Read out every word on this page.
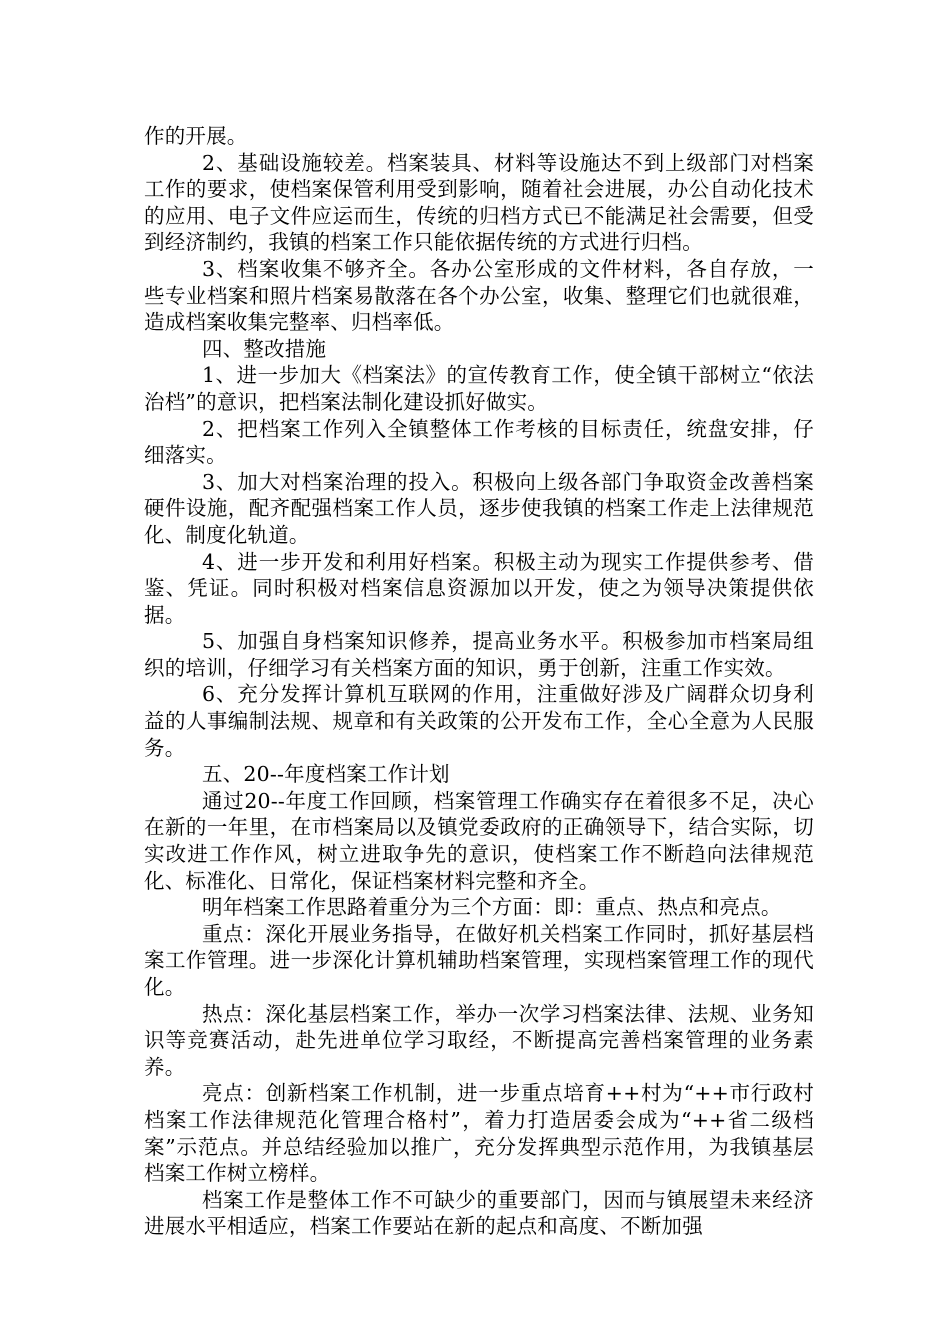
作的开展。

2、基础设施较差。档案装具、材料等设施达不到上级部门对档案工作的要求，使档案保管利用受到影响，随着社会进展，办公自动化技术的应用、电子文件应运而生，传统的归档方式已不能满足社会需要，但受到经济制约，我镇的档案工作只能依据传统的方式进行归档。

3、档案收集不够齐全。各办公室形成的文件材料，各自存放，一些专业档案和照片档案易散落在各个办公室，收集、整理它们也就很难，造成档案收集完整率、归档率低。

四、整改措施

1、进一步加大《档案法》的宣传教育工作，使全镇干部树立“依法治档”的意识，把档案法制化建设抓好做实。

2、把档案工作列入全镇整体工作考核的目标责任，统盘安排，仔细落实。

3、加大对档案治理的投入。积极向上级各部门争取资金改善档案硬件设施，配齐配强档案工作人员，逐步使我镇的档案工作走上法律规范化、制度化轨道。

4、进一步开发和利用好档案。积极主动为现实工作提供参考、借鉴、凭证。同时积极对档案信息资源加以开发，使之为领导决策提供依据。

5、加强自身档案知识修养，提高业务水平。积极参加市档案局组织的培训，仔细学习有关档案方面的知识，勇于创新，注重工作实效。

6、充分发挥计算机互联网的作用，注重做好涉及广阔群众切身利益的人事编制法规、规章和有关政策的公开发布工作，全心全意为人民服务。

五、20--年度档案工作计划

通过20--年度工作回顾，档案管理工作确实存在着很多不足，决心在新的一年里，在市档案局以及镇党委政府的正确领导下，结合实际，切实改进工作作风，树立进取争先的意识，使档案工作不断趋向法律规范化、标准化、日常化，保证档案材料完整和齐全。

明年档案工作思路着重分为三个方面：即：重点、热点和亮点。

重点：深化开展业务指导，在做好机关档案工作同时，抓好基层档案工作管理。进一步深化计算机辅助档案管理，实现档案管理工作的现代化。

热点：深化基层档案工作，举办一次学习档案法律、法规、业务知识等竞赛活动，赴先进单位学习取经，不断提高完善档案管理的业务素养。

亮点：创新档案工作机制，进一步重点培育++村为“++市行政村档案工作法律规范化管理合格村”，着力打造居委会成为“++省二级档案”示范点。并总结经验加以推广，充分发挥典型示范作用，为我镇基层档案工作树立榜样。

档案工作是整体工作不可缺少的重要部门，因而与镇展望未来经济进展水平相适应，档案工作要站在新的起点和高度、不断加强
